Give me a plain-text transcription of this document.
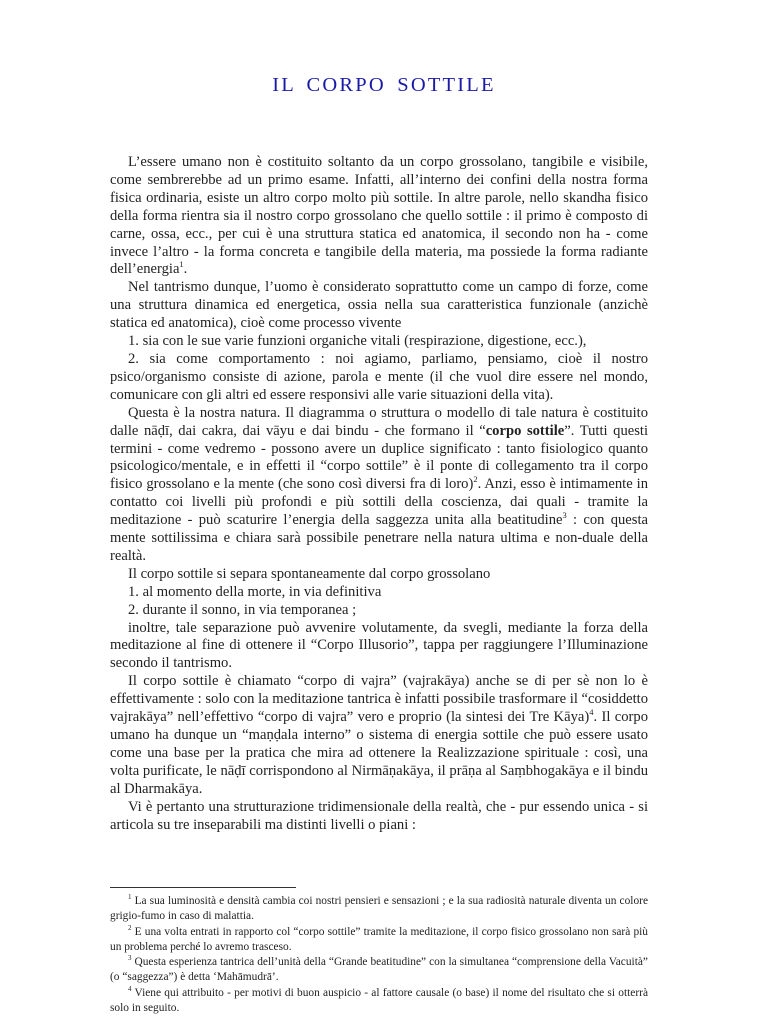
IL CORPO SOTTILE

L’essere umano non è costituito soltanto da un corpo grossolano, tangibile e visibile, come sembrerebbe ad un primo esame. Infatti, all’interno dei confini della nostra forma fisica ordinaria, esiste un altro corpo molto più sottile. In altre parole, nello skandha fisico della forma rientra sia il nostro corpo grossolano che quello sottile : il primo è composto di carne, ossa, ecc., per cui è una struttura statica ed anatomica, il secondo non ha - come invece l’altro - la forma concreta e tangibile della materia, ma possiede la forma radiante dell’energia$^1$.

Nel tantrismo dunque, l’uomo è considerato soprattutto come un campo di forze, come una struttura dinamica ed energetica, ossia nella sua caratteristica funzionale (anzichè statica ed anatomica), cioè come processo vivente

1. sia con le sue varie funzioni organiche vitali (respirazione, digestione, ecc.),

2. sia come comportamento : noi agiamo, parliamo, pensiamo, cioè il nostro psico/organismo consiste di azione, parola e mente (il che vuol dire essere nel mondo, comunicare con gli altri ed essere responsivi alle varie situazioni della vita).

Questa è la nostra natura. Il diagramma o struttura o modello di tale natura è costituito dalle nāḍī, dai cakra, dai vāyu e dai bindu - che formano il “corpo sottile”. Tutti questi termini - come vedremo - possono avere un duplice significato : tanto fisiologico quanto psicologico/mentale, e in effetti il “corpo sottile” è il ponte di collegamento tra il corpo fisico grossolano e la mente (che sono così diversi fra di loro)$^2$. Anzi, esso è intimamente in contatto coi livelli più profondi e più sottili della coscienza, dai quali - tramite la meditazione - può scaturire l’energia della saggezza unita alla beatitudine$^3$ : con questa mente sottilissima e chiara sarà possibile penetrare nella natura ultima e non-duale della realtà.

Il corpo sottile si separa spontaneamente dal corpo grossolano

1. al momento della morte, in via definitiva

2. durante il sonno, in via temporanea ;

inoltre, tale separazione può avvenire volutamente, da svegli, mediante la forza della meditazione al fine di ottenere il “Corpo Illusorio”, tappa per raggiungere l’Illuminazione secondo il tantrismo.

Il corpo sottile è chiamato “corpo di vajra” (vajrakāya) anche se di per sè non lo è effettivamente : solo con la meditazione tantrica è infatti possibile trasformare il “cosiddetto vajrakāya” nell’effettivo “corpo di vajra” vero e proprio (la sintesi dei Tre Kāya)$^4$. Il corpo umano ha dunque un “maṇḍala interno” o sistema di energia sottile che può essere usato come una base per la pratica che mira ad ottenere la Realizzazione spirituale : così, una volta purificate, le nāḍī corrispondono al Nirmāṇakāya, il prāṇa al Saṃbhogakāya e il bindu al Dharmakāya.

Vi è pertanto una strutturazione tridimensionale della realtà, che - pur essendo unica - si articola su tre inseparabili ma distinti livelli o piani :

$^1$ La sua luminosità e densità cambia coi nostri pensieri e sensazioni ; e la sua radiosità naturale diventa un colore grigio-fumo in caso di malattia.

$^2$ E una volta entrati in rapporto col “corpo sottile” tramite la meditazione, il corpo fisico grossolano non sarà più un problema perché lo avremo trasceso.

$^3$ Questa esperienza tantrica dell’unità della “Grande beatitudine” con la simultanea “comprensione della Vacuità” (o “saggezza”) è detta ‘Mahāmudrā’.

$^4$ Viene qui attribuito - per motivi di buon auspicio - al fattore causale (o base) il nome del risultato che si otterrà solo in seguito.
